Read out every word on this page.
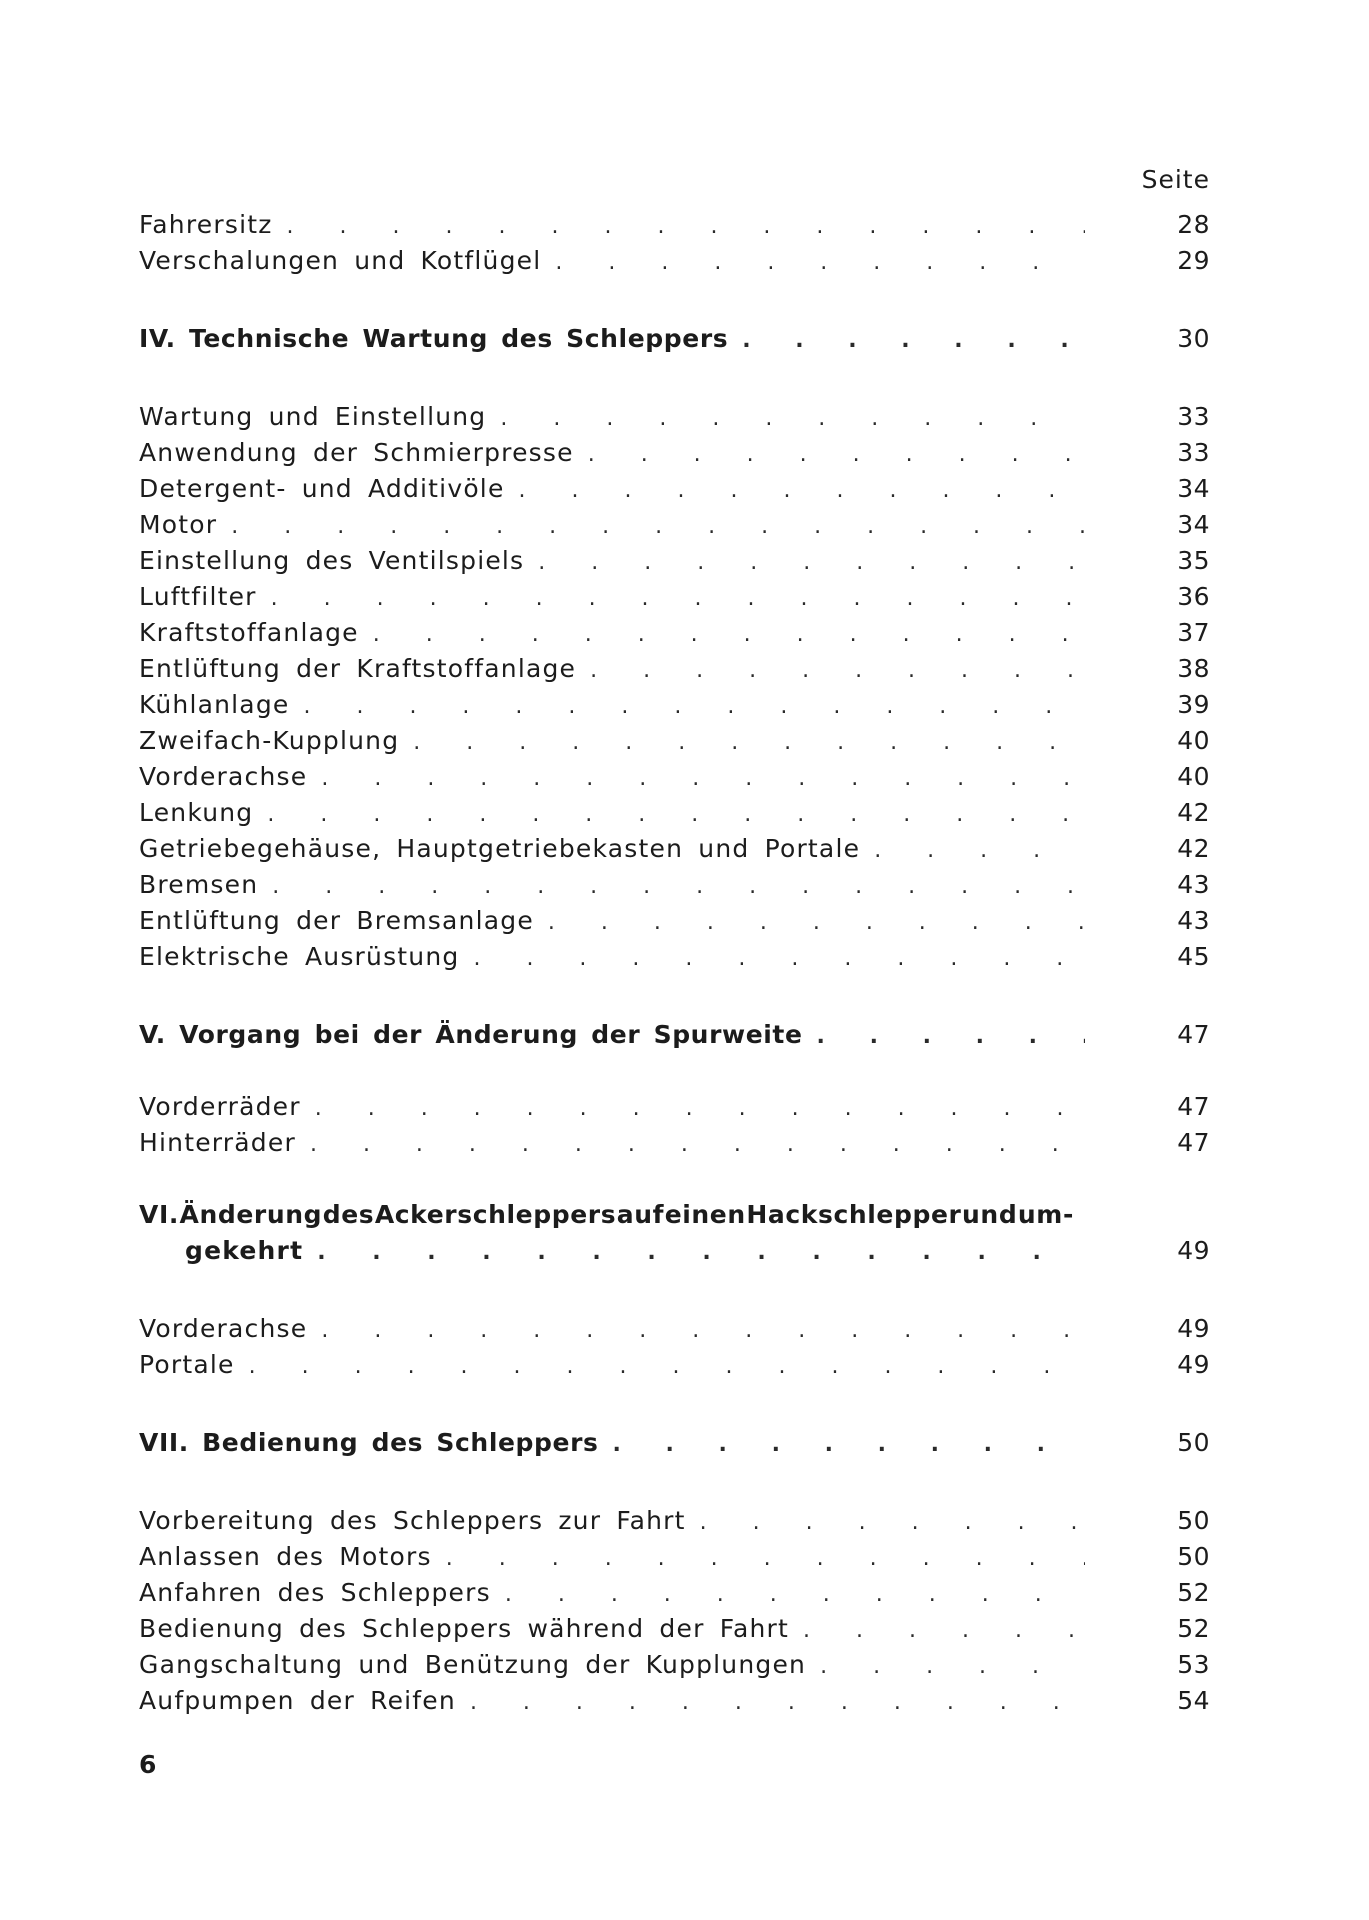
Seite
Fahrersitz . . .	28
Verschalungen und Kotflügel . . .	29
IV. Technische Wartung des Schleppers . . .	30
Wartung und Einstellung . . .	33
Anwendung der Schmierpresse . . .	33
Detergent- und Additivöle . . .	34
Motor . . .	34
Einstellung des Ventilspiels . . .	35
Luftfilter . . .	36
Kraftstoffanlage . . .	37
Entlüftung der Kraftstoffanlage . . .	38
Kühlanlage . . .	39
Zweifach-Kupplung . . .	40
Vorderachse . . .	40
Lenkung . . .	42
Getriebegehäuse, Hauptgetriebekasten und Portale . . .	42
Bremsen . . .	43
Entlüftung der Bremsanlage . . .	43
Elektrische Ausrüstung . . .	45
V. Vorgang bei der Änderung der Spurweite . . .	47
Vorderräder . . .	47
Hinterräder . . .	47
VI. Änderung des Ackerschleppers auf einen Hackschlepper und um-
gekehrt . . .	49
Vorderachse . . .	49
Portale . . .	49
VII. Bedienung des Schleppers . . .	50
Vorbereitung des Schleppers zur Fahrt . . .	50
Anlassen des Motors . . .	50
Anfahren des Schleppers . . .	52
Bedienung des Schleppers während der Fahrt . . .	52
Gangschaltung und Benützung der Kupplungen . . .	53
Aufpumpen der Reifen . . .	54
6
